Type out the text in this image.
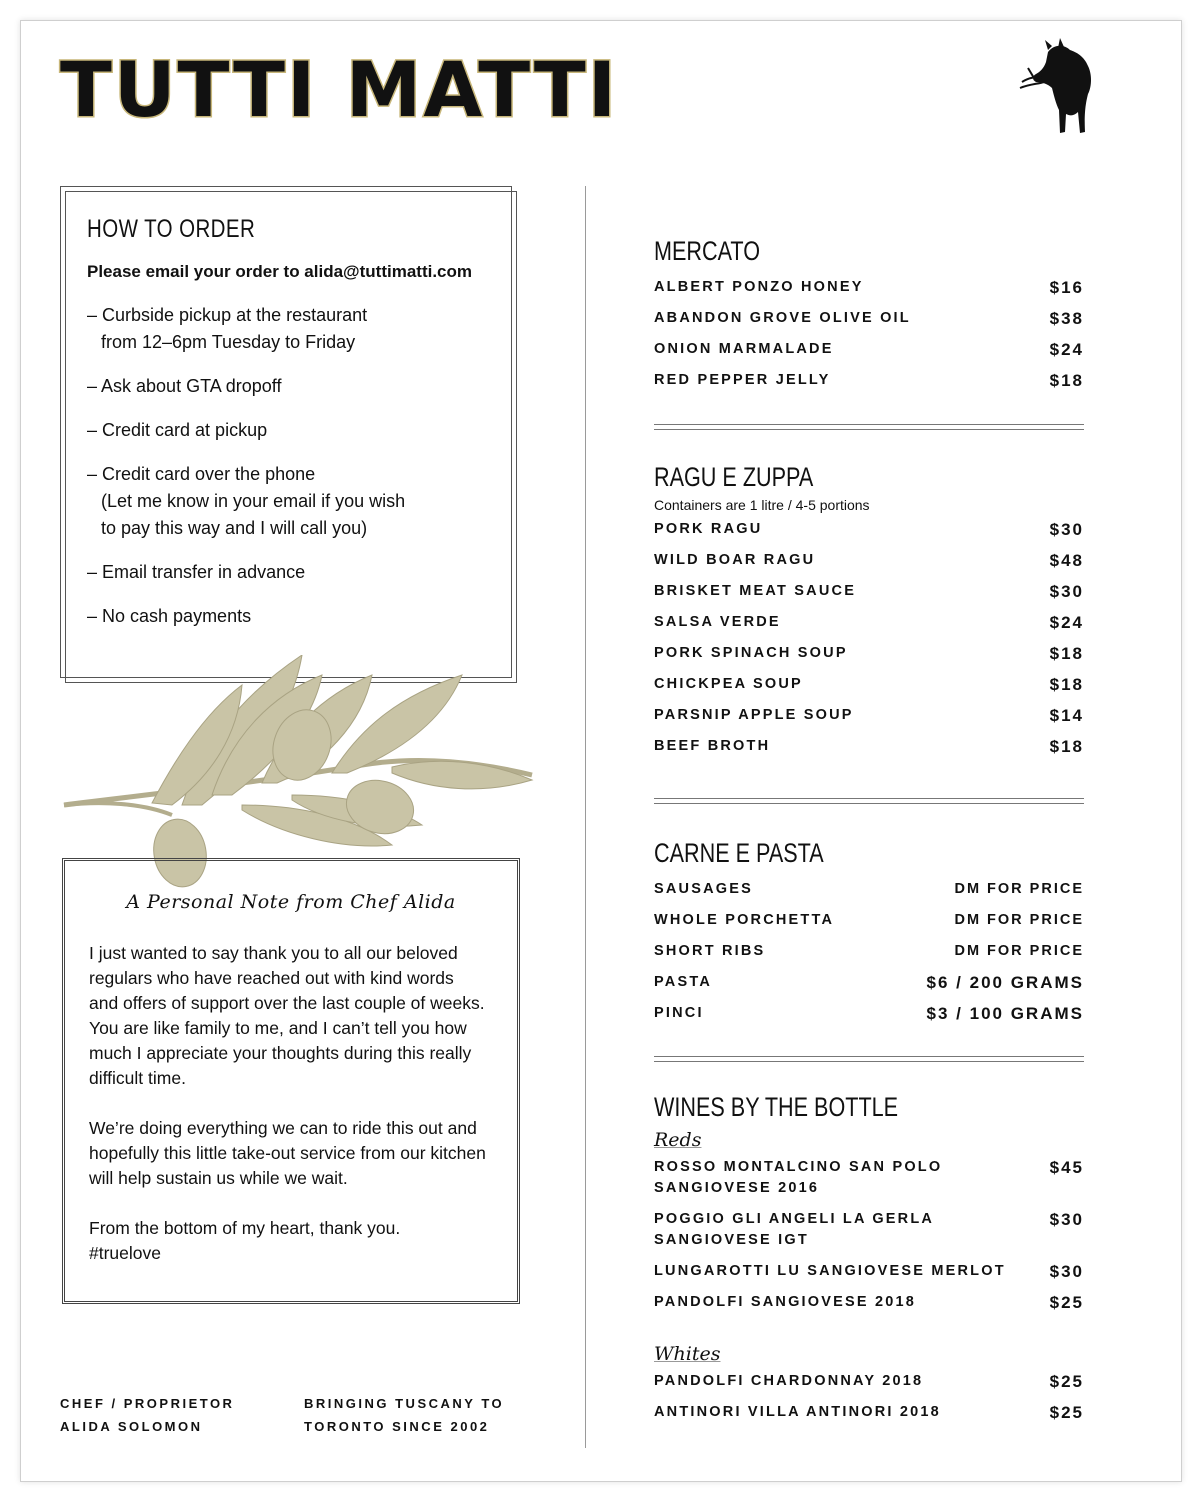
TUTTI MATTI
HOW TO ORDER
Please email your order to alida@tuttimatti.com
– Curbside pickup at the restaurant
from 12–6pm Tuesday to Friday
– Ask about GTA dropoff
– Credit card at pickup
– Credit card over the phone
(Let me know in your email if you wish
to pay this way and I will call you)
– Email transfer in advance
– No cash payments
A Personal Note from Chef Alida

I just wanted to say thank you to all our beloved
regulars who have reached out with kind words
and offers of support over the last couple of weeks.
You are like family to me, and I can’t tell you how
much I appreciate your thoughts during this really
difficult time.

We’re doing everything we can to ride this out and
hopefully this little take-out service from our kitchen
will help sustain us while we wait.

From the bottom of my heart, thank you.
#truelove

CHEF / PROPRIETOR
ALIDA SOLOMON
BRINGING TUSCANY TO
TORONTO SINCE 2002
MERCATO
ALBERT PONZO HONEY	$16
ABANDON GROVE OLIVE OIL	$38
ONION MARMALADE	$24
RED PEPPER JELLY	$18
RAGU E ZUPPA
Containers are 1 litre / 4-5 portions
PORK RAGU	$30
WILD BOAR RAGU	$48
BRISKET MEAT SAUCE	$30
SALSA VERDE	$24
PORK SPINACH SOUP	$18
CHICKPEA SOUP	$18
PARSNIP APPLE SOUP	$14
BEEF BROTH	$18
CARNE E PASTA
SAUSAGES	DM FOR PRICE
WHOLE PORCHETTA	DM FOR PRICE
SHORT RIBS	DM FOR PRICE
PASTA	$6 / 200 GRAMS
PINCI	$3 / 100 GRAMS
WINES BY THE BOTTLE
Reds
ROSSO MONTALCINO SAN POLO SANGIOVESE 2016
$45
POGGIO GLI ANGELI LA GERLA SANGIOVESE IGT
$30
LUNGAROTTI LU SANGIOVESE MERLOT	$30
PANDOLFI SANGIOVESE 2018	$25
Whites
PANDOLFI CHARDONNAY 2018	$25
ANTINORI VILLA ANTINORI 2018	$25
